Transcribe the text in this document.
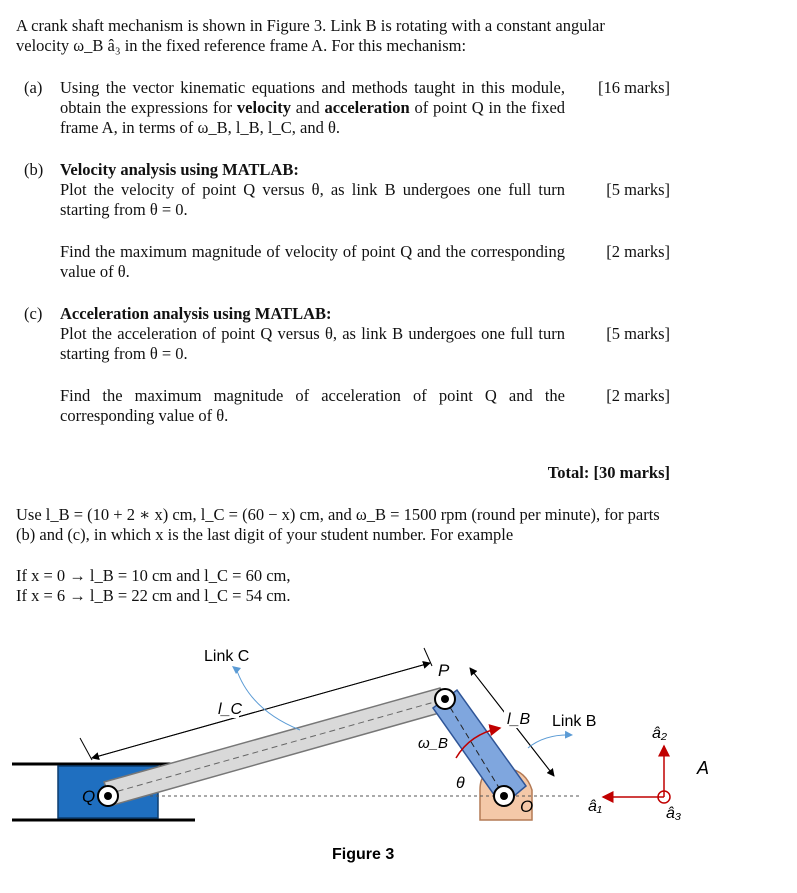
A crank shaft mechanism is shown in Figure 3. Link B is rotating with a constant angular
velocity ω_B â₃ in the fixed reference frame A. For this mechanism:
(a) Using the vector kinematic equations and methods taught in this module, obtain the expressions for velocity and acceleration of point Q in the fixed frame A, in terms of ω_B, l_B, l_C, and θ.
[16 marks]
(b) Velocity analysis using MATLAB:
Plot the velocity of point Q versus θ, as link B undergoes one full turn starting from θ = 0.
[5 marks]
Find the maximum magnitude of velocity of point Q and the corresponding value of θ.
[2 marks]
(c) Acceleration analysis using MATLAB:
Plot the acceleration of point Q versus θ, as link B undergoes one full turn starting from θ = 0.
[5 marks]
Find the maximum magnitude of acceleration of point Q and the corresponding value of θ.
[2 marks]
Total: [30 marks]
Use l_B = (10 + 2 ∗ x) cm, l_C = (60 − x) cm, and ω_B = 1500 rpm (round per minute), for parts
(b) and (c), in which x is the last digit of your student number. For example
If x = 0 → l_B = 10 cm and l_C = 60 cm,
If x = 6 → l_B = 22 cm and l_C = 54 cm.
l_C
Link C
l_B Link B
ω_B
θ
P
Q
O	â₁
â₂
â₃
A
Figure 3
